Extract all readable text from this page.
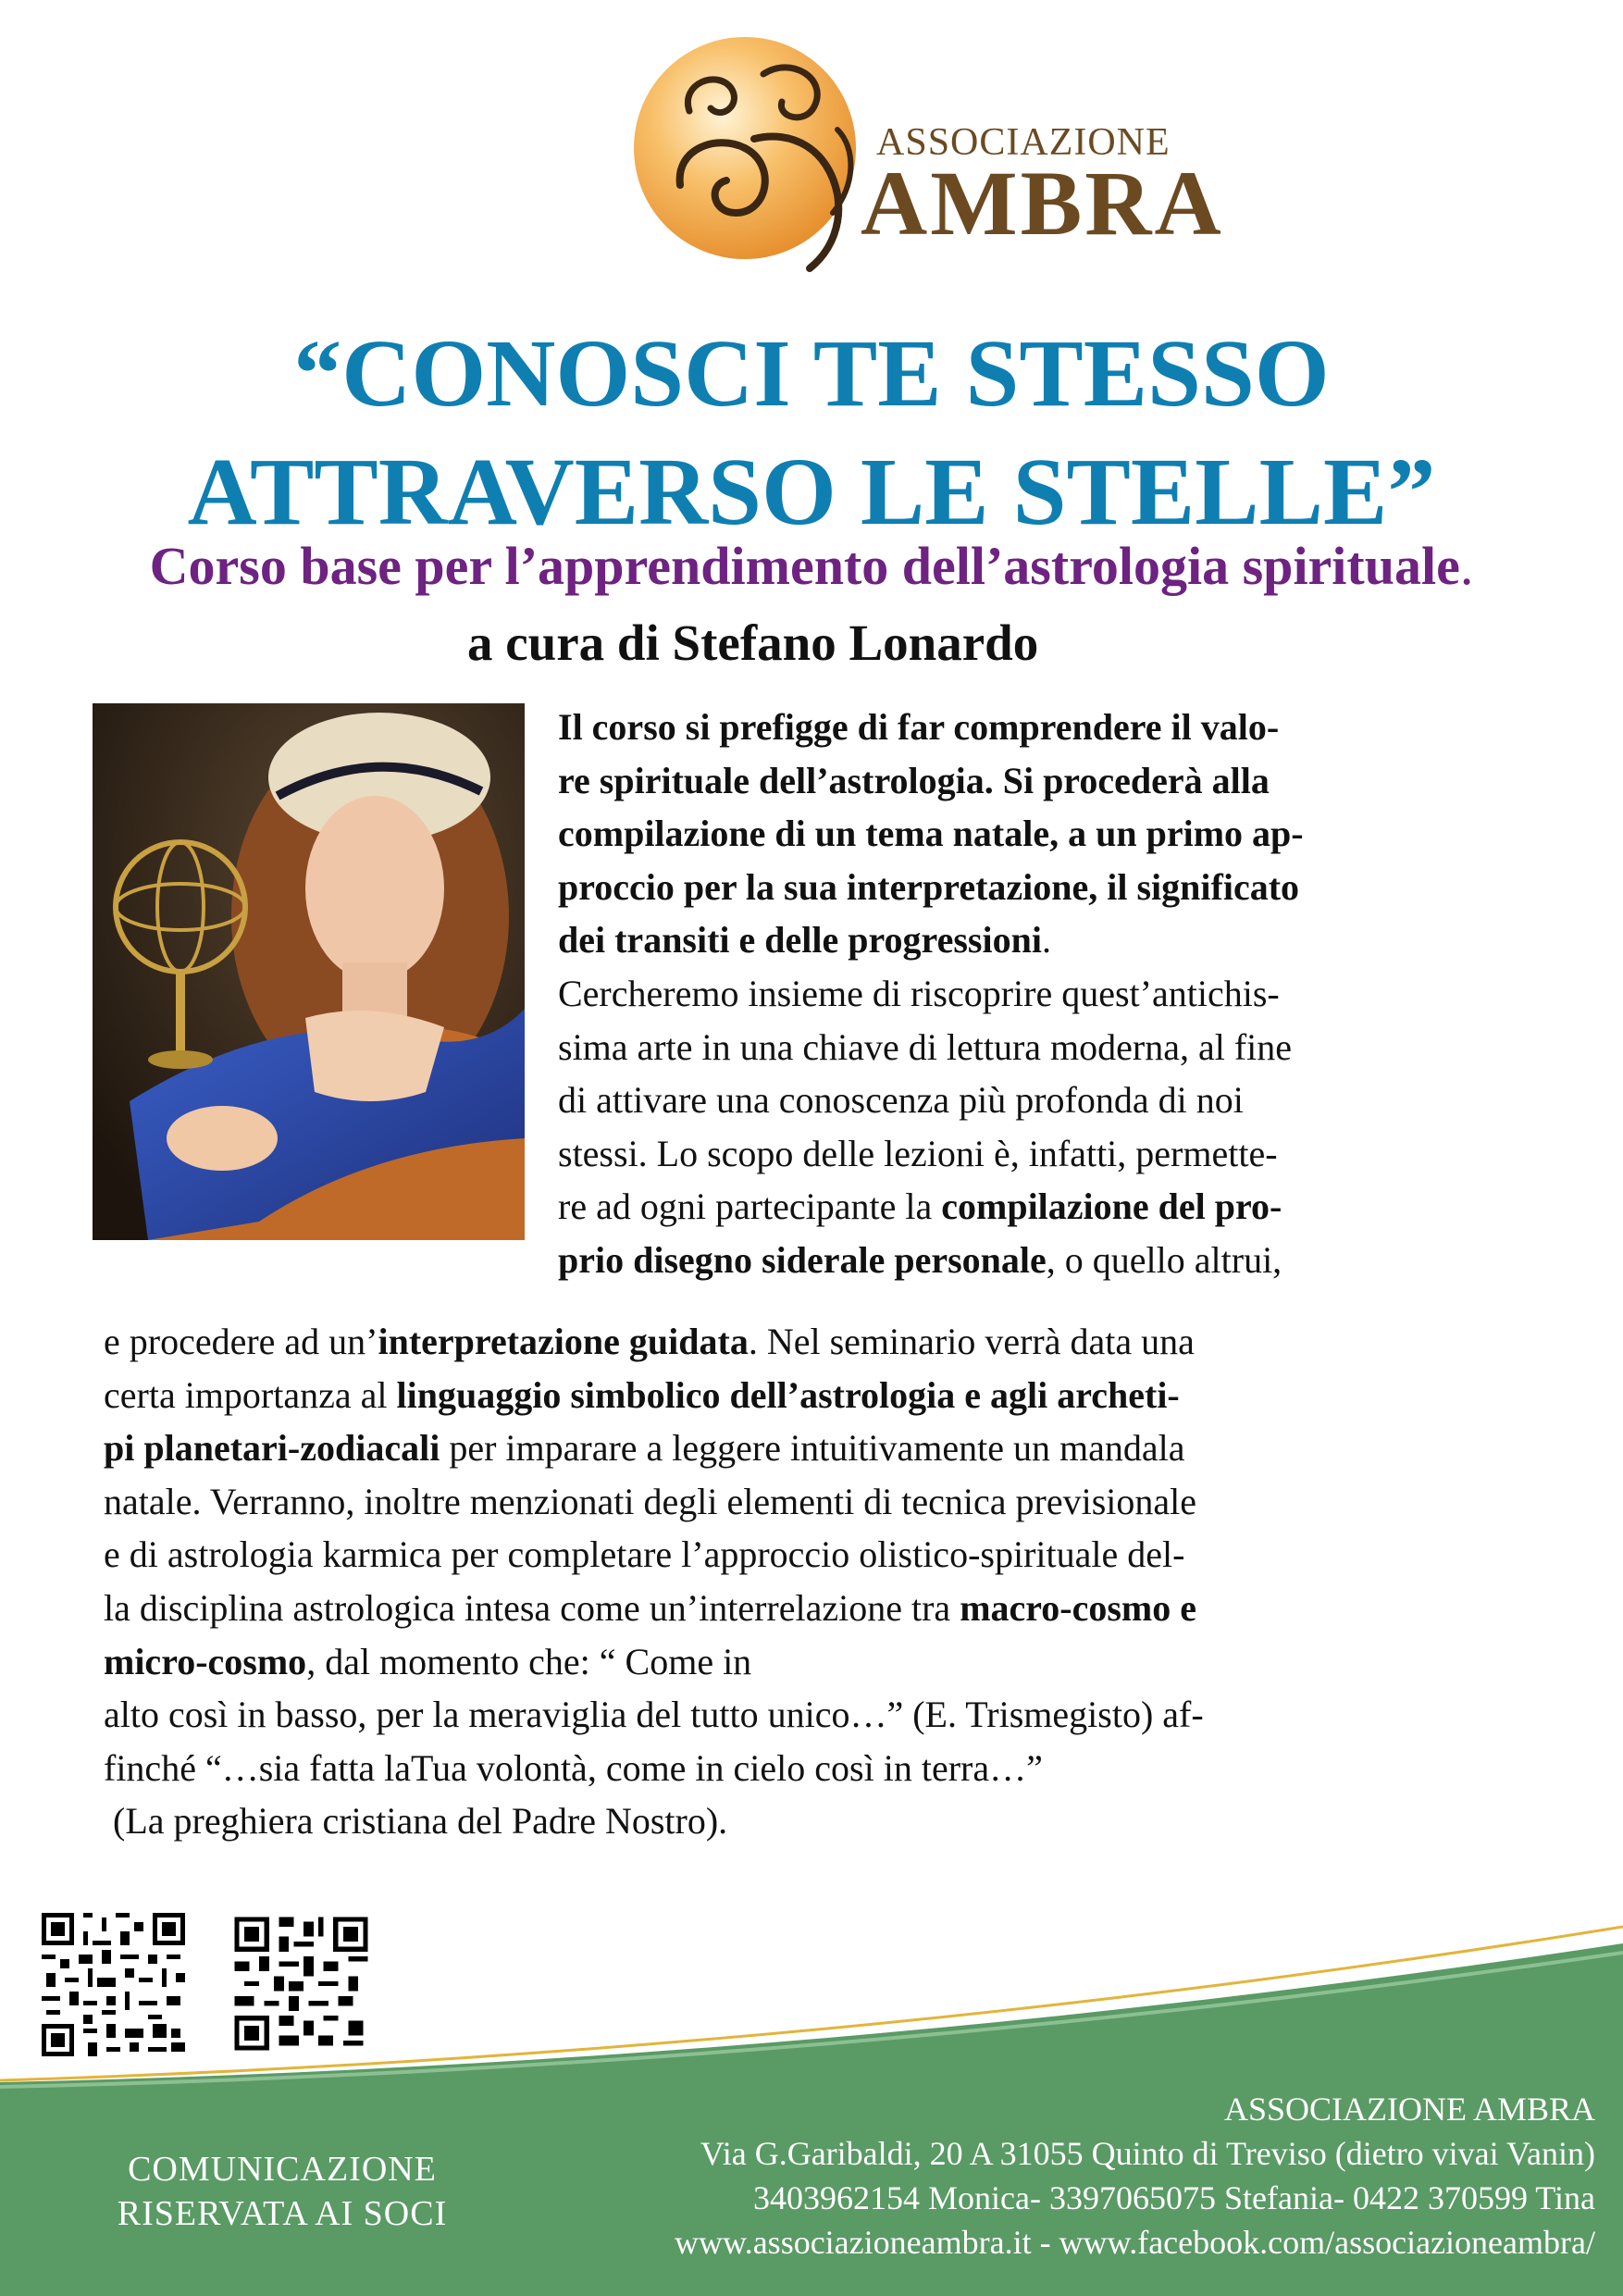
ASSOCIAZIONE
AMBRA
“CONOSCI TE STESSO
ATTRAVERSO LE STELLE”
Corso base per l’apprendimento dell’astrologia spirituale.
a cura di Stefano Lonardo
Il corso si prefigge di far comprendere il valo-
re spirituale dell’astrologia. Si procederà alla
compilazione di un tema natale, a un primo ap-
proccio per la sua interpretazione, il significato
dei transiti e delle progressioni.
Cercheremo insieme di riscoprire quest’antichis-
sima arte in una chiave di lettura moderna, al fine
di attivare una conoscenza più profonda di noi
stessi. Lo scopo delle lezioni è, infatti, permette-
re ad ogni partecipante la compilazione del pro-
prio disegno siderale personale, o quello altrui,
e procedere ad un’interpretazione guidata. Nel seminario verrà data una
certa importanza al linguaggio simbolico dell’astrologia e agli archeti-
pi planetari-zodiacali per imparare a leggere intuitivamente un mandala
natale. Verranno, inoltre menzionati degli elementi di tecnica previsionale
e di astrologia karmica per completare l’approccio olistico-spirituale del-
la disciplina astrologica intesa come un’interrelazione tra macro-cosmo e
micro-cosmo, dal momento che: “ Come in
alto così in basso, per la meraviglia del tutto unico…” (E. Trismegisto) af-
finché “…sia fatta laTua volontà, come in cielo così in terra…”
(La preghiera cristiana del Padre Nostro).
COMUNICAZIONE
RISERVATA AI SOCI
ASSOCIAZIONE AMBRA
Via G.Garibaldi, 20 A 31055 Quinto di Treviso (dietro vivai Vanin)
3403962154 Monica- 3397065075 Stefania- 0422 370599 Tina
www.associazioneambra.it - www.facebook.com/associazioneambra/
